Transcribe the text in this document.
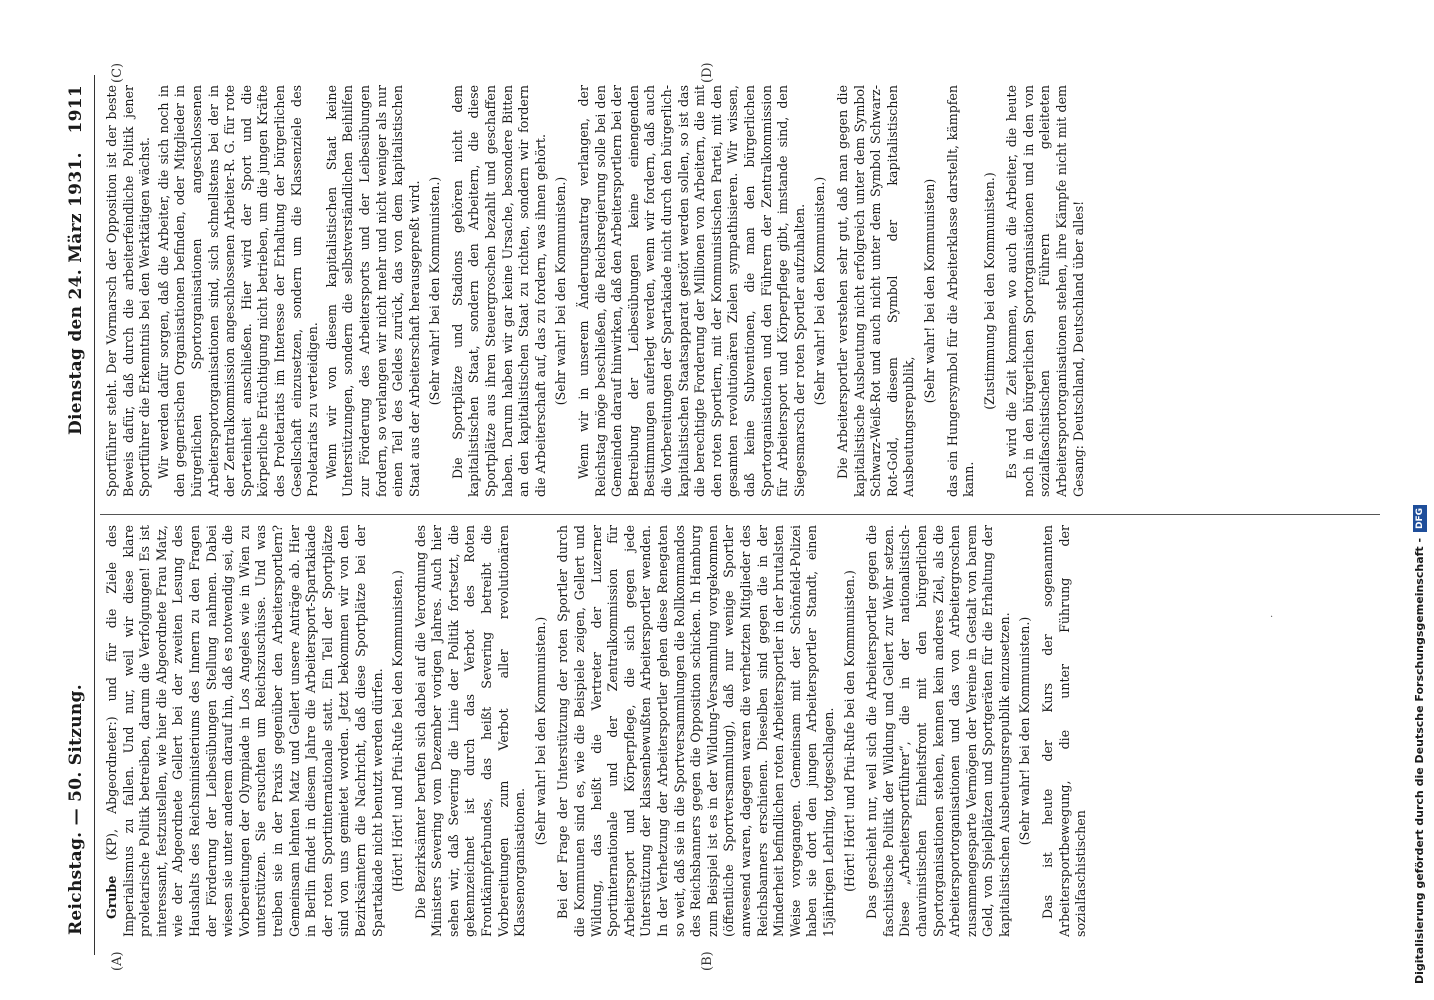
Reichstag. — 50. Sitzung.
Dienstag den 24. März 1931.
1911
(A)	(B)
(C)	(D)

Grube (KP), Abgeordneter:) und für die Ziele des Imperialismus zu fallen. Und nur, weil wir diese klare proletarische Politik betreiben, darum die Verfolgungen! Es ist interessant, festzustellen, wie hier die Abgeordnete Frau Matz, wie der Abgeordnete Gellert bei der zweiten Lesung des Haushalts des Reichsministeriums des Innern zu den Fragen der Förderung der Leibesübungen Stellung nahmen. Dabei wiesen sie unter anderem darauf hin, daß es notwendig sei, die Vorbereitungen der Olympiade in Los Angeles wie in Wien zu unterstützen. Sie ersuchten um Reichszuschüsse. Und was treiben sie in der Praxis gegenüber den Arbeitersportlern? Gemeinsam lehnten Matz und Gellert unsere Anträge ab. Hier in Berlin findet in diesem Jahre die Arbeitersport-Spartakiade der roten Sportinternationale statt. Ein Teil der Sportplätze sind von uns gemietet worden. Jetzt bekommen wir von den Bezirksämtern die Nachricht, daß diese Sportplätze bei der Spartakiade nicht benutzt werden dürfen. (Hört! Hört! und Pfui-Rufe bei den Kommunisten.) Die Bezirksämter berufen sich dabei auf die Verordnung des Ministers Severing vom Dezember vorigen Jahres. Auch hier sehen wir, daß Severing die Linie der Politik fortsetzt, die gekennzeichnet ist durch das Verbot des Roten Frontkämpferbundes, das heißt Severing betreibt die Vorbereitungen zum Verbot aller revolutionären Klassenorganisationen.

(Sehr wahr! bei den Kommunisten.) Bei der Frage der Unterstützung der roten Sportler durch die Kommunen sind es, wie die Beispiele zeigen, Gellert und Wildung, das heißt die Vertreter der Luzerner Sportinternationale und der Zentralkommission für Arbeitersport und Körperpflege, die sich gegen jede Unterstützung der klassenbewußten Arbeitersportler wenden. In der Verhetzung der Arbeitersportler gehen diese Renegaten so weit, daß sie in die Sportversammlungen die Rollkommandos des Reichsbanners gegen die Opposition schicken. In Hamburg zum Beispiel ist es in der Wildung-Versammlung vorgekommen (öffentliche Sportversammlung), daß nur wenige Sportler anwesend waren, dagegen waren die verhetzten Mitglieder des Reichsbanners erschienen. Dieselben sind gegen die in der Minderheit befindlichen roten Arbeitersportler in der brutalsten Weise vorgegangen. Gemeinsam mit der Schönfeld-Polizei haben sie dort den jungen Arbeitersportler Standt, einen 15jährigen Lehrling, totgeschlagen. (Hört! Hört! und Pfui-Rufe bei den Kommunisten.) Das geschieht nur, weil sich die Arbeitersportler gegen die faschistische Politik der Wildung und Gellert zur Wehr setzen. Diese „Arbeitersportführer“, die in der nationalistisch-chauvinistischen Einheitsfront mit den bürgerlichen Sportorganisationen stehen, kennen kein anderes Ziel, als die Arbeitersportorganisationen und das von Arbeitergroschen zusammengesparte Vermögen der Vereine in Gestalt von barem Geld, von Spielplätzen und Sportgeräten für die Erhaltung der kapitalistischen Ausbeutungsrepublik einzusetzen. (Sehr wahr! bei den Kommunisten.) Das ist heute der Kurs der sogenannten Arbeitersportbewegung, die unter Führung der sozialfaschistischen

Sportführer steht. Der Vormarsch der Opposition ist der beste Beweis dafür, daß durch die arbeiterfeindliche Politik jener Sportführer die Erkenntnis bei den Werktätigen wächst. Wir werden dafür sorgen, daß die Arbeiter, die sich noch in den gegnerischen Organisationen befinden, oder Mitglieder in bürgerlichen Sportorganisationen angeschlossenen Arbeitersportorganisationen sind, sich schnellstens bei der in der Zentralkommission angeschlossenen Arbeiter-R. G. für rote Sporteinheit anschließen. Hier wird der Sport und die körperliche Ertüchtigung nicht betrieben, um die jungen Kräfte des Proletariats im Interesse der Erhaltung der bürgerlichen Gesellschaft einzusetzen, sondern um die Klassenziele des Proletariats zu verteidigen. Wenn wir von diesem kapitalistischen Staat keine Unterstützungen, sondern die selbstverständlichen Beihilfen zur Förderung des Arbeitersports und der Leibesübungen fordern, so verlangen wir nicht mehr und nicht weniger als nur einen Teil des Geldes zurück, das von dem kapitalistischen Staat aus der Arbeiterschaft herausgepreßt wird. (Sehr wahr! bei den Kommunisten.) Die Sportplätze und Stadions gehören nicht dem kapitalistischen Staat, sondern den Arbeitern, die diese Sportplätze aus ihren Steuergroschen bezahlt und geschaffen haben. Darum haben wir gar keine Ursache, besondere Bitten an den kapitalistischen Staat zu richten, sondern wir fordern die Arbeiterschaft auf, das zu fordern, was ihnen gehört. (Sehr wahr! bei den Kommunisten.) Wenn wir in unserem Änderungsantrag verlangen, der Reichstag möge beschließen, die Reichsregierung solle bei den Gemeinden darauf hinwirken, daß den Arbeitersportlern bei der Betreibung der Leibesübungen keine einengenden Bestimmungen auferlegt werden, wenn wir fordern, daß auch die Vorbereitungen der Spartakiade nicht durch den bürgerlich-kapitalistischen Staatsapparat gestört werden sollen, so ist das die berechtigte Forderung der Millionen von Arbeitern, die mit den roten Sportlern, mit der Kommunistischen Partei, mit den gesamten revolutionären Zielen sympathisieren. Wir wissen, daß keine Subventionen, die man den bürgerlichen Sportorganisationen und den Führern der Zentralkommission für Arbeitersport und Körperpflege gibt, imstande sind, den Siegesmarsch der roten Sportler aufzuhalten. (Sehr wahr! bei den Kommunisten.) Die Arbeitersportler verstehen sehr gut, daß man gegen die kapitalistische Ausbeutung nicht erfolgreich unter dem Symbol Schwarz-Weiß-Rot und auch nicht unter dem Symbol Schwarz-Rot-Gold, diesem Symbol der kapitalistischen Ausbeutungsrepublik,

(Sehr wahr! bei den Kommunisten) das ein Hungersymbol für die Arbeiterklasse darstellt, kämpfen kann.

(Zustimmung bei den Kommunisten.) Es wird die Zeit kommen, wo auch die Arbeiter, die heute noch in den bürgerlichen Sportorganisationen und in den von sozialfaschistischen Führern geleiteten Arbeitersportorganisationen stehen, ihre Kämpfe nicht mit dem Gesang: Deutschland, Deutschland über alles!

·	Digitalisierung gefördert durch die Deutsche Forschungsgemeinschaft -DFG
